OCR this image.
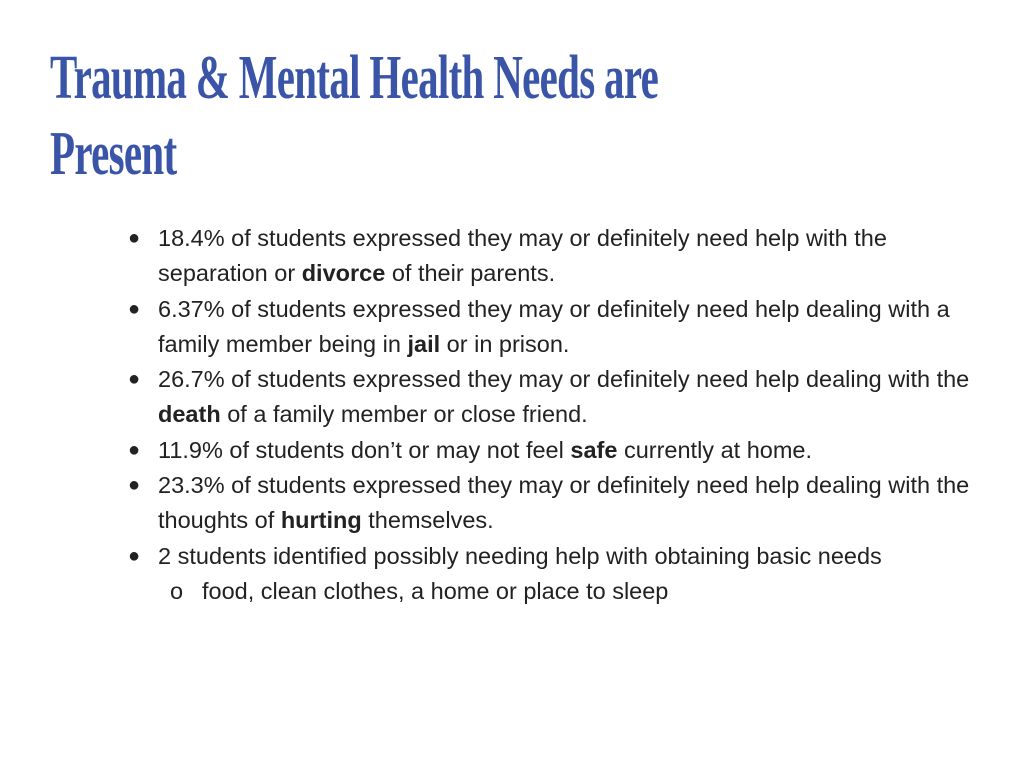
Trauma & Mental Health Needs are
Present
● 18.4% of students expressed they may or definitely need help with the separation or divorce of their parents.
● 6.37% of students expressed they may or definitely need help dealing with a family member being in jail or in prison.
● 26.7% of students expressed they may or definitely need help dealing with the death of a family member or close friend.
● 11.9% of students don’t or may not feel safe currently at home.
● 23.3% of students expressed they may or definitely need help dealing with the thoughts of hurting themselves.
● 2 students identified possibly needing help with obtaining basic needs
o food, clean clothes, a home or place to sleep
